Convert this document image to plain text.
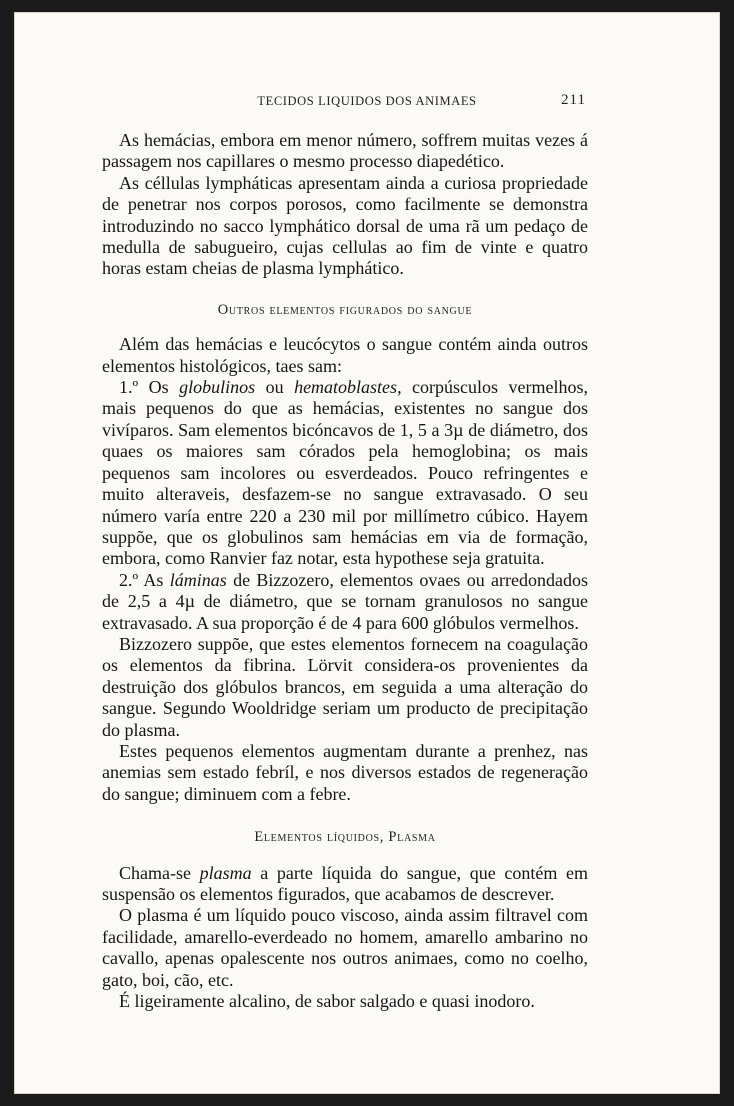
TECIDOS LIQUIDOS DOS ANIMAES	211

As hemácias, embora em menor número, soffrem muitas vezes á passagem nos capillares o mesmo processo diapedético.

As céllulas lympháticas apresentam ainda a curiosa propriedade de penetrar nos corpos porosos, como facilmente se demonstra introduzindo no sacco lymphático dorsal de uma rã um pedaço de medulla de sabugueiro, cujas cellulas ao fim de vinte e quatro horas estam cheias de plasma lymphático.

Outros elementos figurados do sangue

Além das hemácias e leucócytos o sangue contém ainda outros elementos histológicos, taes sam:

1.º Os globulinos ou hematoblastes, corpúsculos vermelhos, mais pequenos do que as hemácias, existentes no sangue dos vivíparos. Sam elementos bicóncavos de 1, 5 a 3µ de diámetro, dos quaes os maiores sam córados pela hemoglobina; os mais pequenos sam incolores ou esverdeados. Pouco refringentes e muito alteraveis, desfazem-se no sangue extravasado. O seu número varía entre 220 a 230 mil por millímetro cúbico. Hayem suppõe, que os globulinos sam hemácias em via de formação, embora, como Ranvier faz notar, esta hypothese seja gratuita.

2.º As láminas de Bizzozero, elementos ovaes ou arredondados de 2,5 a 4µ de diámetro, que se tornam granulosos no sangue extravasado. A sua proporção é de 4 para 600 glóbulos vermelhos.

Bizzozero suppõe, que estes elementos fornecem na coagulação os elementos da fibrina. Lörvit considera-os provenientes da destruição dos glóbulos brancos, em seguida a uma alteração do sangue. Segundo Wooldridge seriam um producto de precipitação do plasma.

Estes pequenos elementos augmentam durante a prenhez, nas anemias sem estado febríl, e nos diversos estados de regeneração do sangue; diminuem com a febre.

Elementos líquidos, Plasma

Chama-se plasma a parte líquida do sangue, que contém em suspensão os elementos figurados, que acabamos de descrever.

O plasma é um líquido pouco viscoso, ainda assim filtravel com facilidade, amarello-everdeado no homem, amarello ambarino no cavallo, apenas opalescente nos outros animaes, como no coelho, gato, boi, cão, etc.

É ligeiramente alcalino, de sabor salgado e quasi inodoro.
